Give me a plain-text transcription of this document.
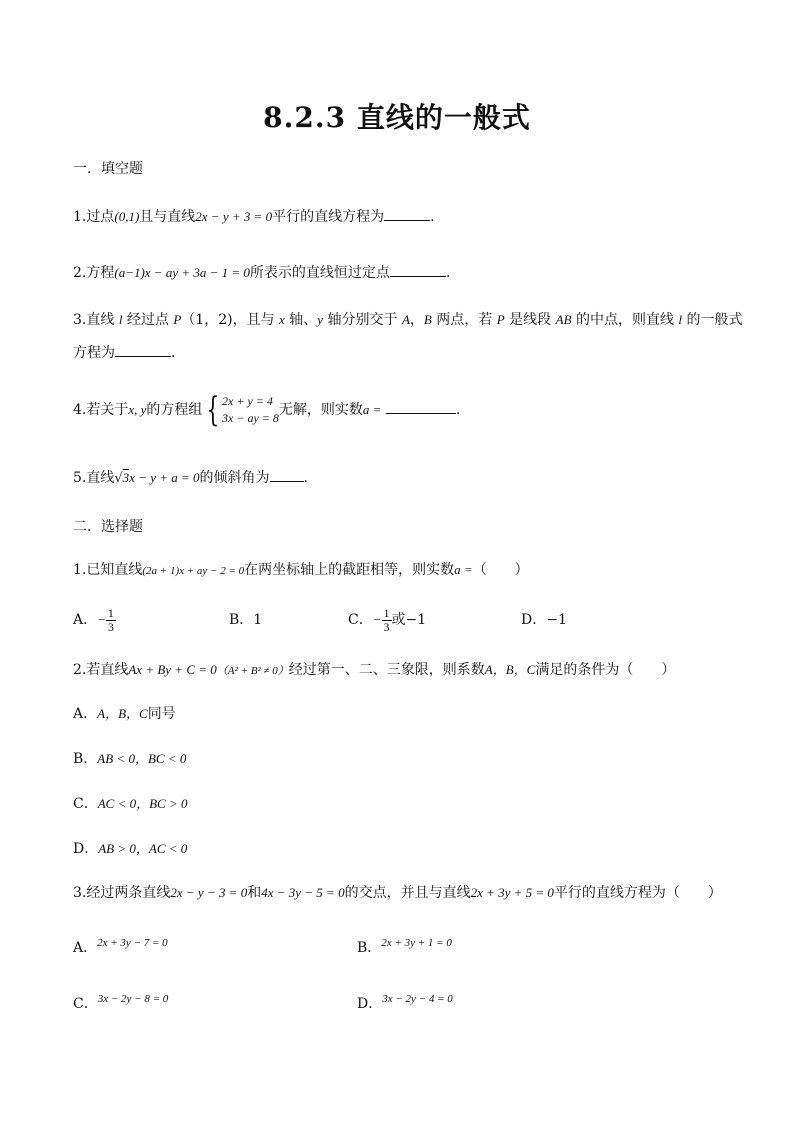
8.2.3 直线的一般式
一．填空题
1.过点(0,1)且与直线2x − y + 3 = 0平行的直线方程为	.
2.方程(a−1)x − ay + 3a − 1 = 0所表示的直线恒过定点	.
3.直线 l 经过点 P（1，2)，且与 x 轴、y 轴分别交于 A，B 两点，若 P 是线段 AB 的中点，则直线 l 的一般式
方程为	.
4.若关于x, y的方程组 { 2x + y = 4
3x − ay = 8 无解，则实数a =	.
5.直线√3x − y + a = 0的倾斜角为 .
二．选择题
1.已知直线(2a + 1)x + ay − 2 = 0在两坐标轴上的截距相等，则实数a =（　　）
A．− $\frac{1}{3}$	B．1	C．− $\frac{1}{3}$ 或−1	D．−1
2.若直线Ax + By + C = 0（A² + B² ≠ 0）经过第一、二、三象限，则系数A，B，C满足的条件为（　　）
A．A，B，C同号
B．AB < 0，BC < 0
C．AC < 0，BC > 0
D．AB > 0，AC < 0
3.经过两条直线2x − y − 3 = 0和4x − 3y − 5 = 0的交点，并且与直线2x + 3y + 5 = 0平行的直线方程为（　　）
A．2x + 3y − 7 = 0	B．2x + 3y + 1 = 0
C．3x − 2y − 8 = 0	D．3x − 2y − 4 = 0
